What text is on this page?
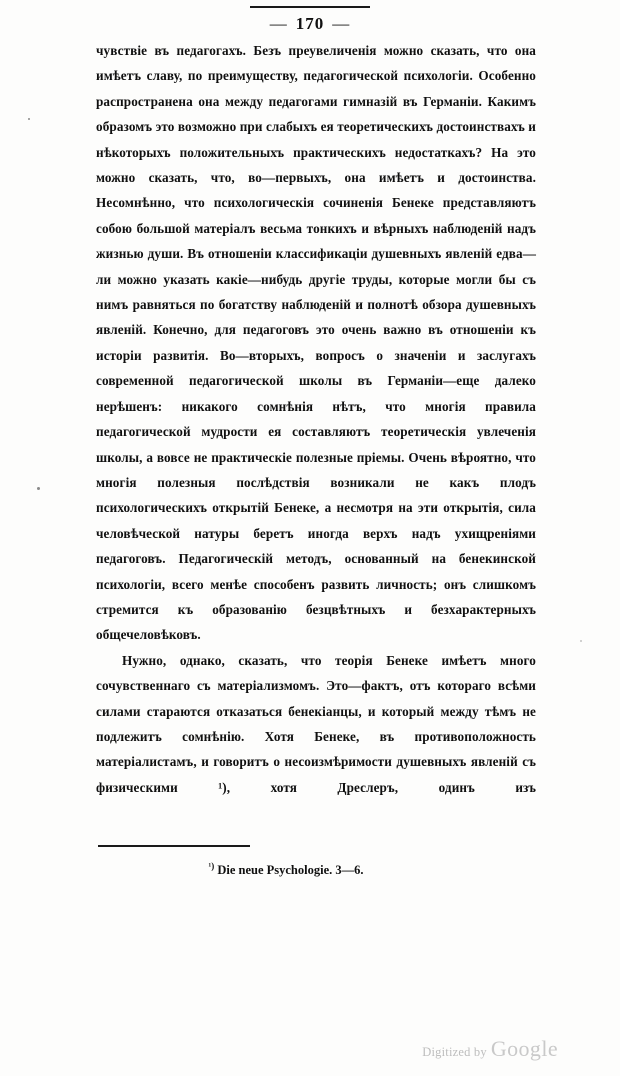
— 170 —

чувствіе въ педагогахъ. Безъ преувеличенія можно сказать, что она имѣетъ славу, по преимуществу, педагогической психологіи. Особенно распространена она между педагогами гимназій въ Германіи. Какимъ образомъ это возможно при слабыхъ ея теоретическихъ достоинствахъ и нѣкоторыхъ положительныхъ практическихъ недостаткахъ? На это можно сказать, что, во—первыхъ, она имѣетъ и достоинства. Несомнѣнно, что психологическія сочиненія Бенеке представляютъ собою большой матеріалъ весьма тонкихъ и вѣрныхъ наблюденій надъ жизнью души. Въ отношеніи классификаціи душевныхъ явленій едва—ли можно указать какіе—нибудь другіе труды, которые могли бы съ нимъ равняться по богатству наблюденій и полнотѣ обзора душевныхъ явленій. Конечно, для педагоговъ это очень важно въ отношеніи къ исторіи развитія. Во—вторыхъ, вопросъ о значеніи и заслугахъ современной педагогической школы въ Германіи—еще далеко нерѣшенъ: никакого сомнѣнія нѣтъ, что многія правила педагогической мудрости ея составляютъ теоретическія увлеченія школы, а вовсе не практическіе полезные пріемы. Очень вѣроятно, что многія полезныя послѣдствія возникали не какъ плодъ психологическихъ открытій Бенеке, а несмотря на эти открытія, сила человѣческой натуры беретъ иногда верхъ надъ ухищреніями педагоговъ. Педагогическій методъ, основанный на бенекинской психологіи, всего менѣе способенъ развить личность; онъ слишкомъ стремится къ образованію безцвѣтныхъ и безхарактерныхъ общечеловѣковъ.

Нужно, однако, сказать, что теорія Бенеке имѣетъ много сочувственнаго съ матеріализмомъ. Это—фактъ, отъ котораго всѣми силами стараются отказаться бенекіанцы, и который между тѣмъ не подлежитъ сомнѣнію. Хотя Бенеке, въ противоположность матеріалистамъ, и говоритъ о несоизмѣримости душевныхъ явленій съ физическими ¹), хотя Дреслеръ, одинъ изъ

$^{^1)}$ Die neue Psychologie. 3—6.
Digitized by Google
